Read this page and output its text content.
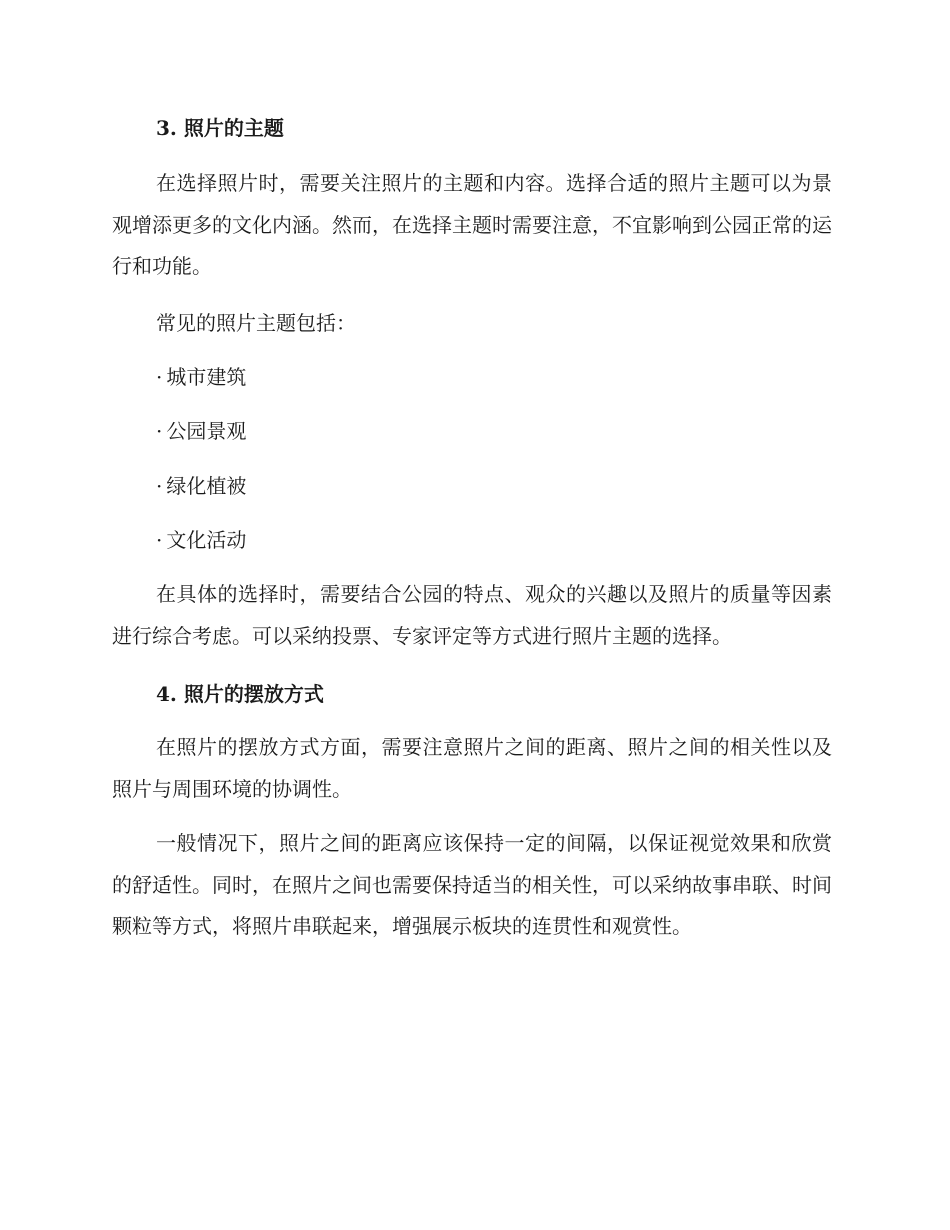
3. 照片的主题
在选择照片时，需要关注照片的主题和内容。选择合适的照片主题可以为景观增添更多的文化内涵。然而，在选择主题时需要注意，不宜影响到公园正常的运行和功能。
常见的照片主题包括：
· 城市建筑
· 公园景观
· 绿化植被
· 文化活动
在具体的选择时，需要结合公园的特点、观众的兴趣以及照片的质量等因素进行综合考虑。可以采纳投票、专家评定等方式进行照片主题的选择。
4. 照片的摆放方式
在照片的摆放方式方面，需要注意照片之间的距离、照片之间的相关性以及照片与周围环境的协调性。
一般情况下，照片之间的距离应该保持一定的间隔，以保证视觉效果和欣赏的舒适性。同时，在照片之间也需要保持适当的相关性，可以采纳故事串联、时间颗粒等方式，将照片串联起来，增强展示板块的连贯性和观赏性。
